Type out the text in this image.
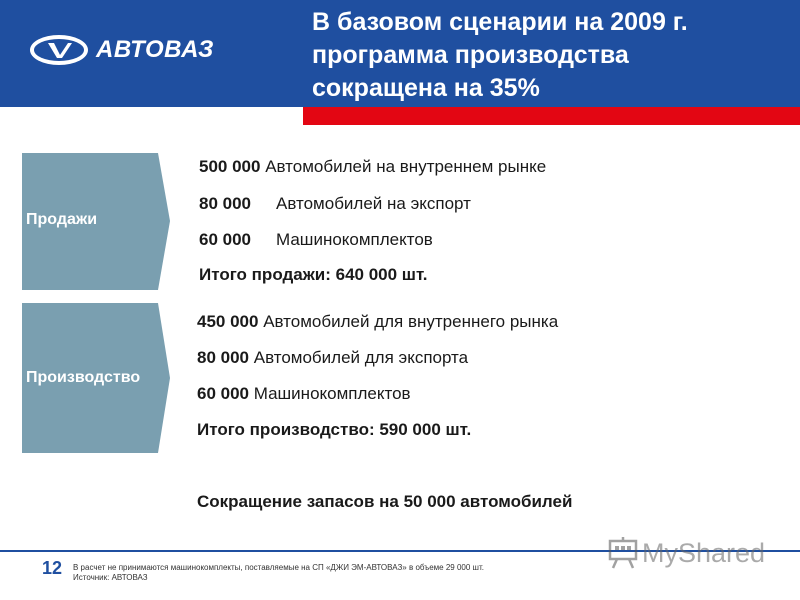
АВТОВАЗ
В базовом сценарии на 2009 г.
программа производства
сокращена на 35%
Продажи
500 000 Автомобилей на внутреннем рынке
80 000 Автомобилей на экспорт
60 000 Машинокомплектов
Итого продажи: 640 000 шт.
Производство
450 000 Автомобилей для внутреннего рынка
80 000 Автомобилей для экспорта
60 000 Машинокомплектов
Итого производство: 590 000 шт.
Сокращение запасов на 50 000 автомобилей
12 В расчет не принимаются машинокомплекты, поставляемые на СП «ДЖИ ЭМ-АВТОВАЗ» в объеме 29 000 шт.
Источник: АВТОВАЗ
MyShared
